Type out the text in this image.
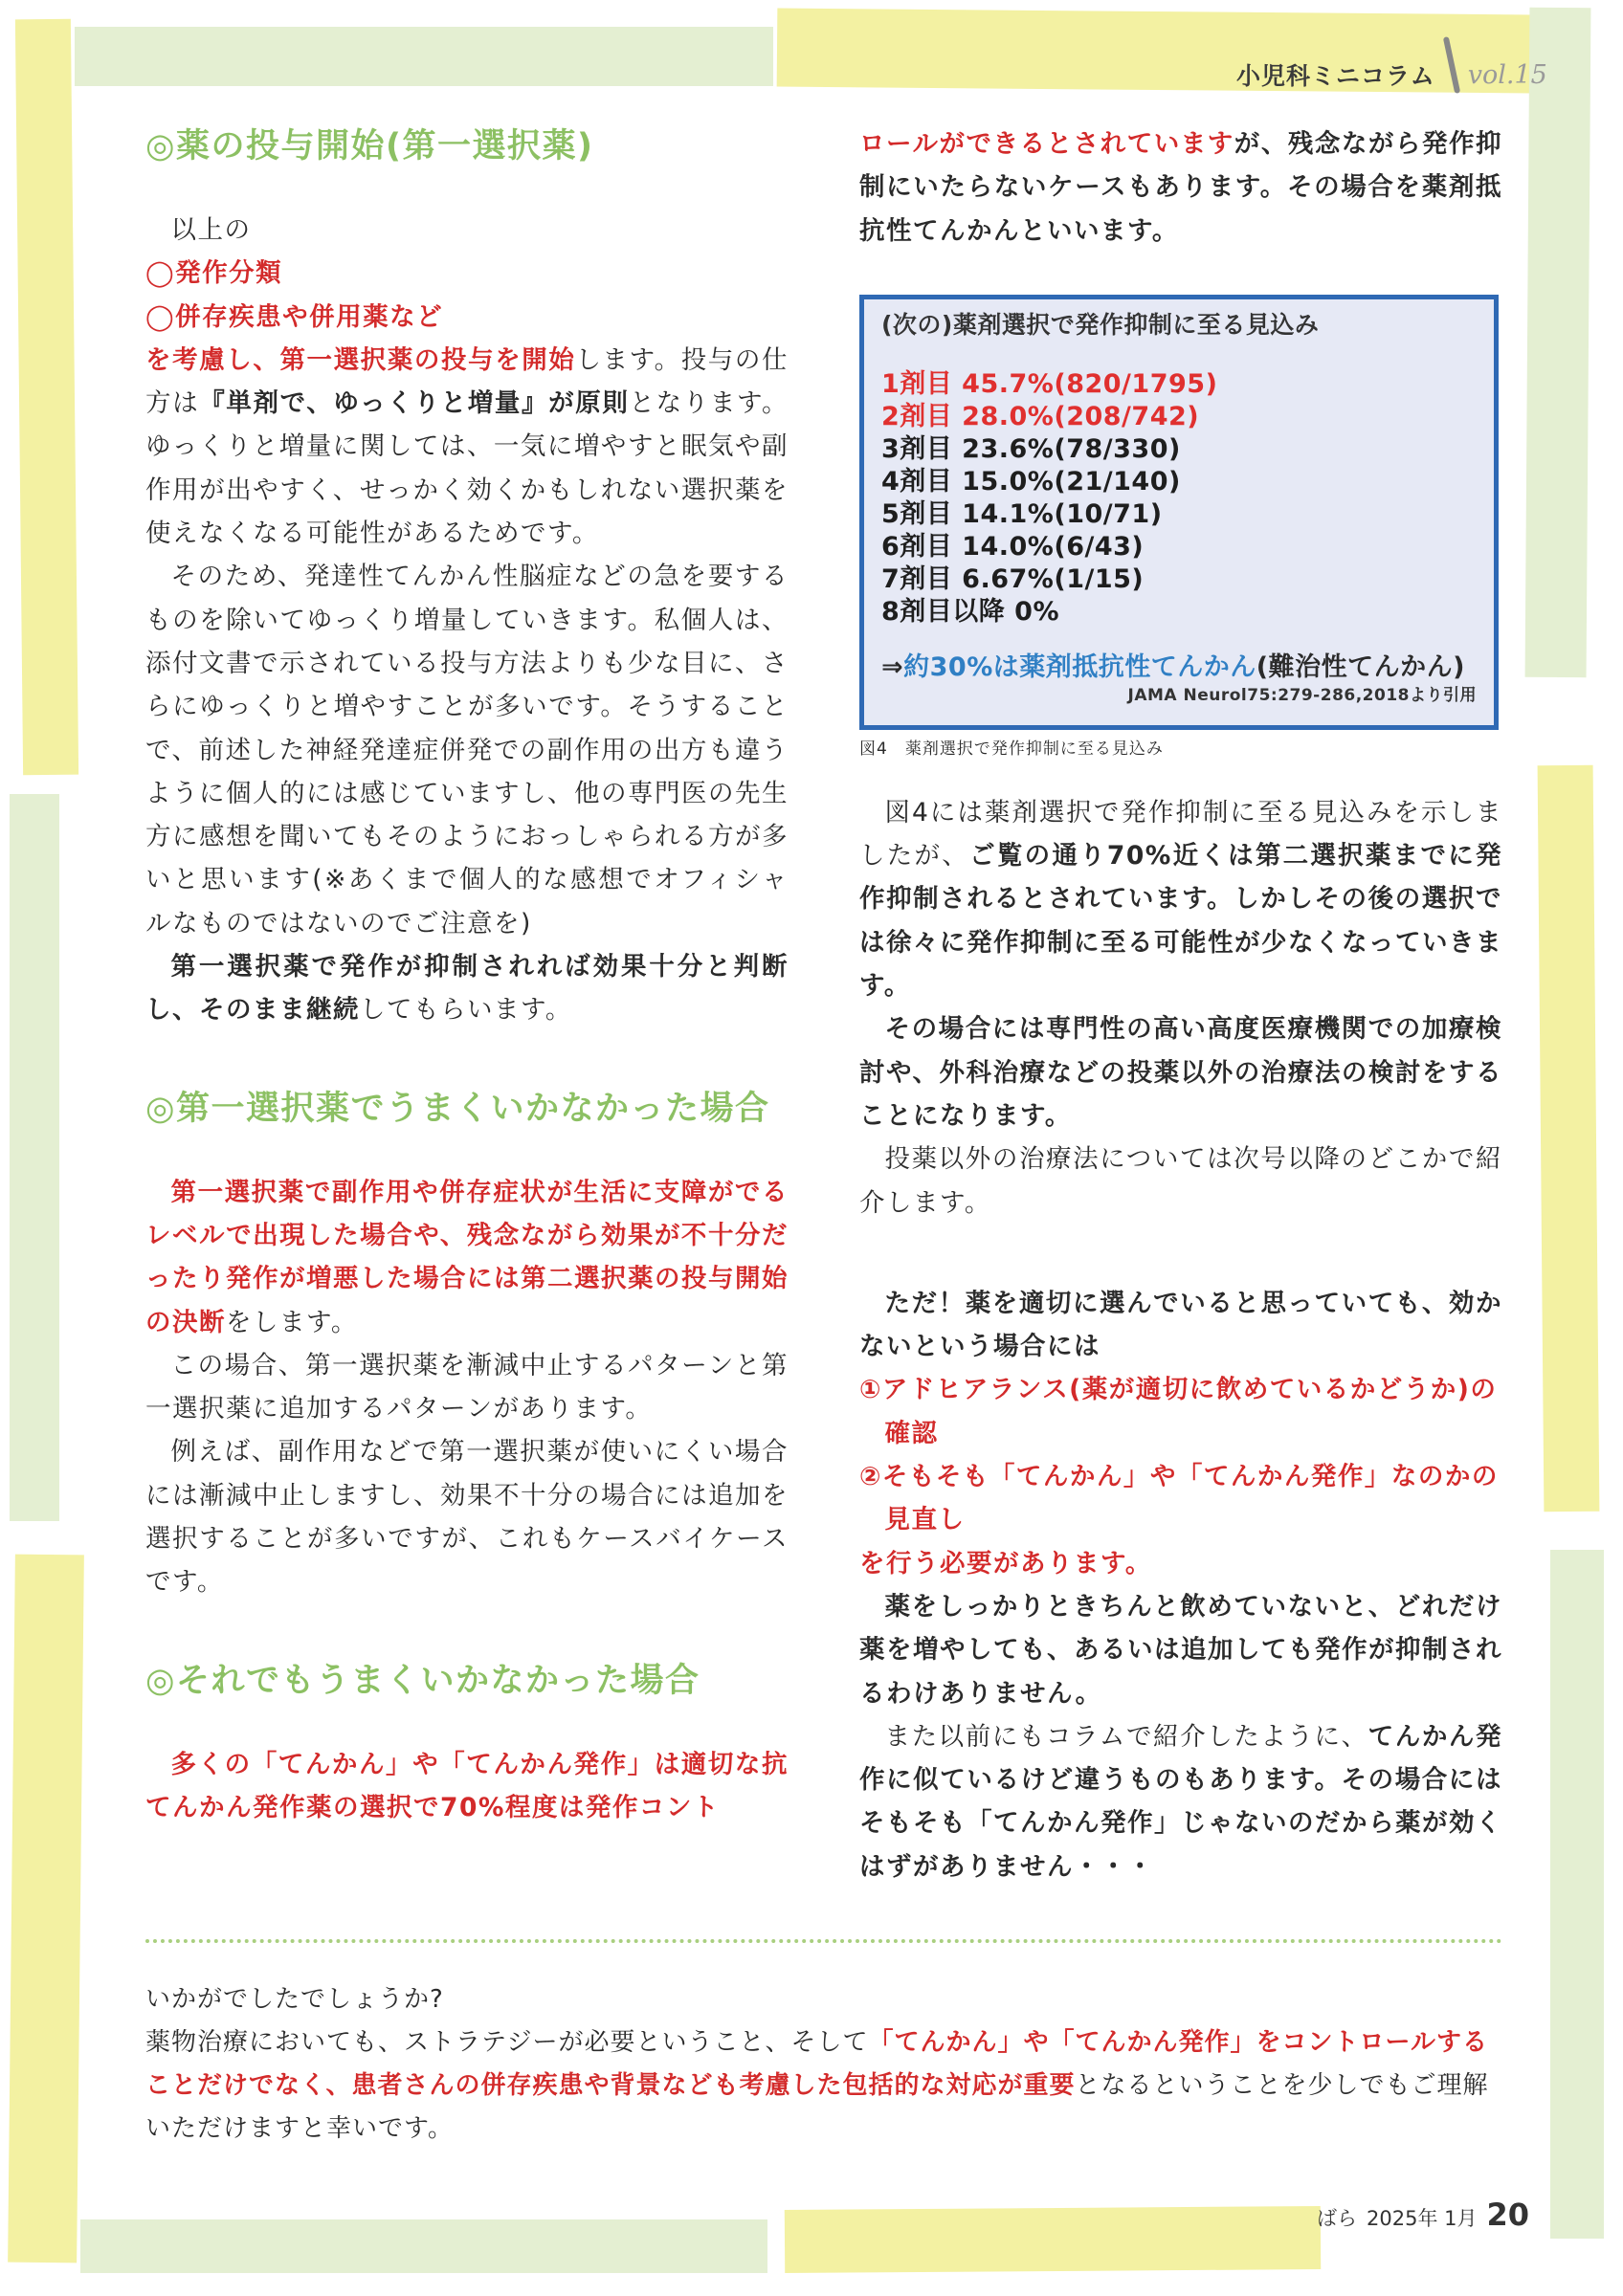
小児科ミニコラム vol.15
◎薬の投与開始(第一選択薬)
以上の
◯発作分類
◯併存疾患や併用薬など
を考慮し、第一選択薬の投与を開始します。投与の仕方は『単剤で、ゆっくりと増量』が原則となります。ゆっくりと増量に関しては、一気に増やすと眠気や副作用が出やすく、せっかく効くかもしれない選択薬を使えなくなる可能性があるためです。
そのため、発達性てんかん性脳症などの急を要するものを除いてゆっくり増量していきます。私個人は、添付文書で示されている投与方法よりも少な目に、さらにゆっくりと増やすことが多いです。そうすることで、前述した神経発達症併発での副作用の出方も違うように個人的には感じていますし、他の専門医の先生方に感想を聞いてもそのようにおっしゃられる方が多いと思います(※あくまで個人的な感想でオフィシャルなものではないのでご注意を)
第一選択薬で発作が抑制されれば効果十分と判断し、そのまま継続してもらいます。
◎第一選択薬でうまくいかなかった場合
第一選択薬で副作用や併存症状が生活に支障がでるレベルで出現した場合や、残念ながら効果が不十分だったり発作が増悪した場合には第二選択薬の投与開始の決断をします。
この場合、第一選択薬を漸減中止するパターンと第一選択薬に追加するパターンがあります。
例えば、副作用などで第一選択薬が使いにくい場合には漸減中止しますし、効果不十分の場合には追加を選択することが多いですが、これもケースバイケースです。
◎それでもうまくいかなかった場合
多くの「てんかん」や「てんかん発作」は適切な抗てんかん発作薬の選択で70%程度は発作コント
ロールができるとされていますが、残念ながら発作抑制にいたらないケースもあります。その場合を薬剤抵抗性てんかんといいます。
(次の)薬剤選択で発作抑制に至る見込み
1剤目 45.7%(820/1795)
2剤目 28.0%(208/742)
3剤目 23.6%(78/330)
4剤目 15.0%(21/140)
5剤目 14.1%(10/71)
6剤目 14.0%(6/43)
7剤目 6.67%(1/15)
8剤目以降 0%
⇒約30%は薬剤抵抗性てんかん(難治性てんかん)
JAMA Neurol75:279-286,2018より引用
図4　薬剤選択で発作抑制に至る見込み
図4には薬剤選択で発作抑制に至る見込みを示しましたが、ご覧の通り70%近くは第二選択薬までに発作抑制されるとされています。しかしその後の選択では徐々に発作抑制に至る可能性が少なくなっていきます。
その場合には専門性の高い高度医療機関での加療検討や、外科治療などの投薬以外の治療法の検討をすることになります。
投薬以外の治療法については次号以降のどこかで紹介します。
ただ！薬を適切に選んでいると思っていても、効かないという場合には
①アドヒアランス(薬が適切に飲めているかどうか)の確認
②そもそも「てんかん」や「てんかん発作」なのかの見直し
を行う必要があります。
薬をしっかりときちんと飲めていないと、どれだけ薬を増やしても、あるいは追加しても発作が抑制されるわけありません。
また以前にもコラムで紹介したように、てんかん発作に似ているけど違うものもあります。その場合にはそもそも「てんかん発作」じゃないのだから薬が効くはずがありません・・・
いかがでしたでしょうか?
薬物治療においても、ストラテジーが必要ということ、そして「てんかん」や「てんかん発作」をコントロールすることだけでなく、患者さんの併存疾患や背景なども考慮した包括的な対応が重要となるということを少しでもご理解いただけますと幸いです。
ばら 2025年 1月 20
